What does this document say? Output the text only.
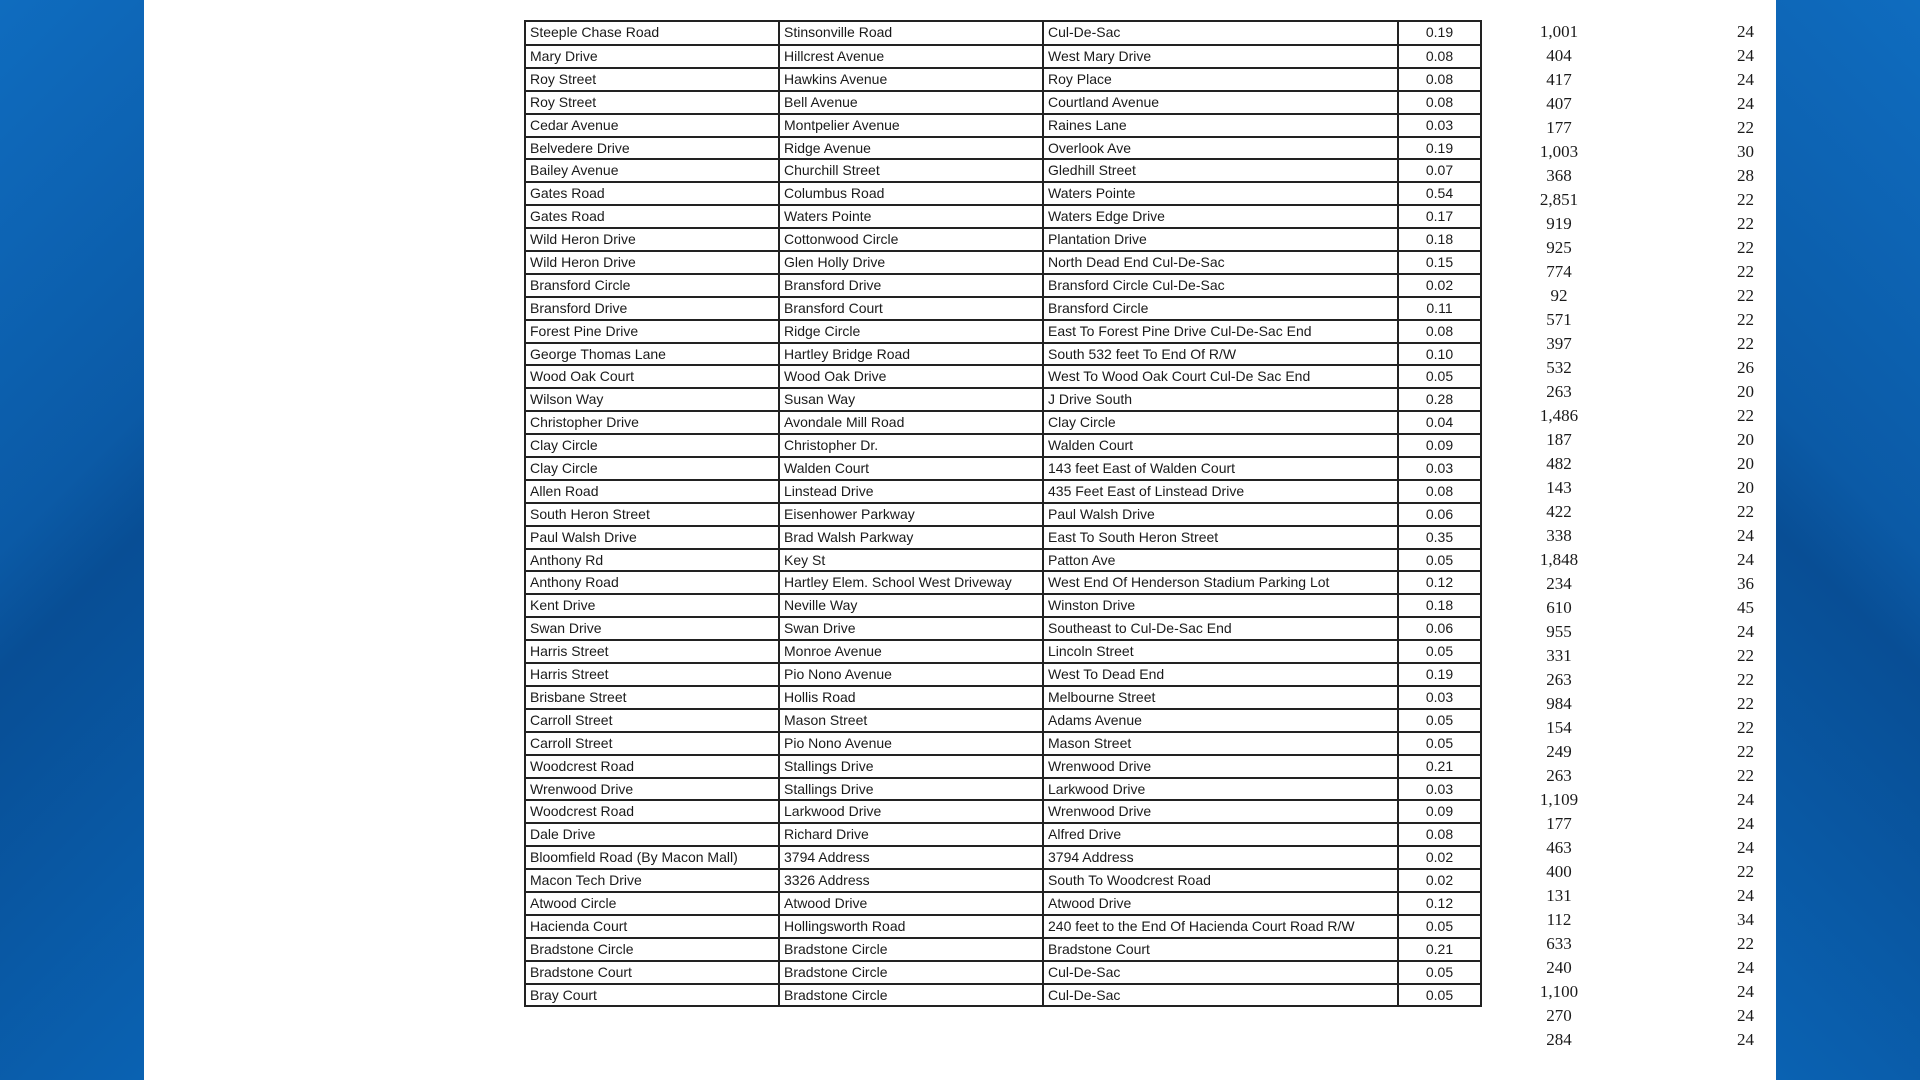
Steeple Chase Road	Stinsonville Road	Cul-De-Sac	0.19
Mary Drive	Hillcrest Avenue	West Mary Drive	0.08
Roy Street	Hawkins Avenue	Roy Place	0.08
Roy Street	Bell Avenue	Courtland Avenue	0.08
Cedar Avenue	Montpelier Avenue	Raines Lane	0.03
Belvedere Drive	Ridge Avenue	Overlook Ave	0.19
Bailey Avenue	Churchill Street	Gledhill Street	0.07
Gates Road	Columbus Road	Waters Pointe	0.54
Gates Road	Waters Pointe	Waters Edge Drive	0.17
Wild Heron Drive	Cottonwood Circle	Plantation Drive	0.18
Wild Heron Drive	Glen Holly Drive	North Dead End Cul-De-Sac	0.15
Bransford Circle	Bransford Drive	Bransford Circle Cul-De-Sac	0.02
Bransford Drive	Bransford Court	Bransford Circle	0.11
Forest Pine Drive	Ridge Circle	East To Forest Pine Drive Cul-De-Sac End	0.08
George Thomas Lane	Hartley Bridge Road	South 532 feet To End Of R/W	0.10
Wood Oak Court	Wood Oak Drive	West To Wood Oak Court Cul-De Sac End	0.05
Wilson Way	Susan Way	J Drive South	0.28
Christopher Drive	Avondale Mill Road	Clay Circle	0.04
Clay Circle	Christopher Dr.	Walden Court	0.09
Clay Circle	Walden Court	143 feet East of Walden Court	0.03
Allen Road	Linstead Drive	435 Feet East of Linstead Drive	0.08
South Heron Street	Eisenhower Parkway	Paul Walsh Drive	0.06
Paul Walsh Drive	Brad Walsh Parkway	East To South Heron Street	0.35
Anthony Rd	Key St	Patton Ave	0.05
Anthony Road	Hartley Elem. School West Driveway	West End Of Henderson Stadium Parking Lot	0.12
Kent Drive	Neville Way	Winston Drive	0.18
Swan Drive	Swan Drive	Southeast to Cul-De-Sac End	0.06
Harris Street	Monroe Avenue	Lincoln Street	0.05
Harris Street	Pio Nono Avenue	West To Dead End	0.19
Brisbane Street	Hollis Road	Melbourne Street	0.03
Carroll Street	Mason Street	Adams Avenue	0.05
Carroll Street	Pio Nono Avenue	Mason Street	0.05
Woodcrest Road	Stallings Drive	Wrenwood Drive	0.21
Wrenwood Drive	Stallings Drive	Larkwood Drive	0.03
Woodcrest Road	Larkwood Drive	Wrenwood Drive	0.09
Dale Drive	Richard Drive	Alfred Drive	0.08
Bloomfield Road (By Macon Mall)	3794 Address	3794 Address	0.02
Macon Tech Drive	3326 Address	South To Woodcrest Road	0.02
Atwood Circle	Atwood Drive	Atwood Drive	0.12
Hacienda Court	Hollingsworth Road	240 feet to the End Of Hacienda Court Road R/W	0.05
Bradstone Circle	Bradstone Circle	Bradstone Court	0.21
Bradstone Court	Bradstone Circle	Cul-De-Sac	0.05
Bray Court	Bradstone Circle	Cul-De-Sac	0.05
1,001	24
404	24
417	24
407	24
177	22
1,003	30
368	28
2,851	22
919	22
925	22
774	22
92	22
571	22
397	22
532	26
263	20
1,486	22
187	20
482	20
143	20
422	22
338	24
1,848	24
234	36
610	45
955	24
331	22
263	22
984	22
154	22
249	22
263	22
1,109	24
177	24
463	24
400	22
131	24
112	34
633	22
240	24
1,100	24
270	24
284	24
